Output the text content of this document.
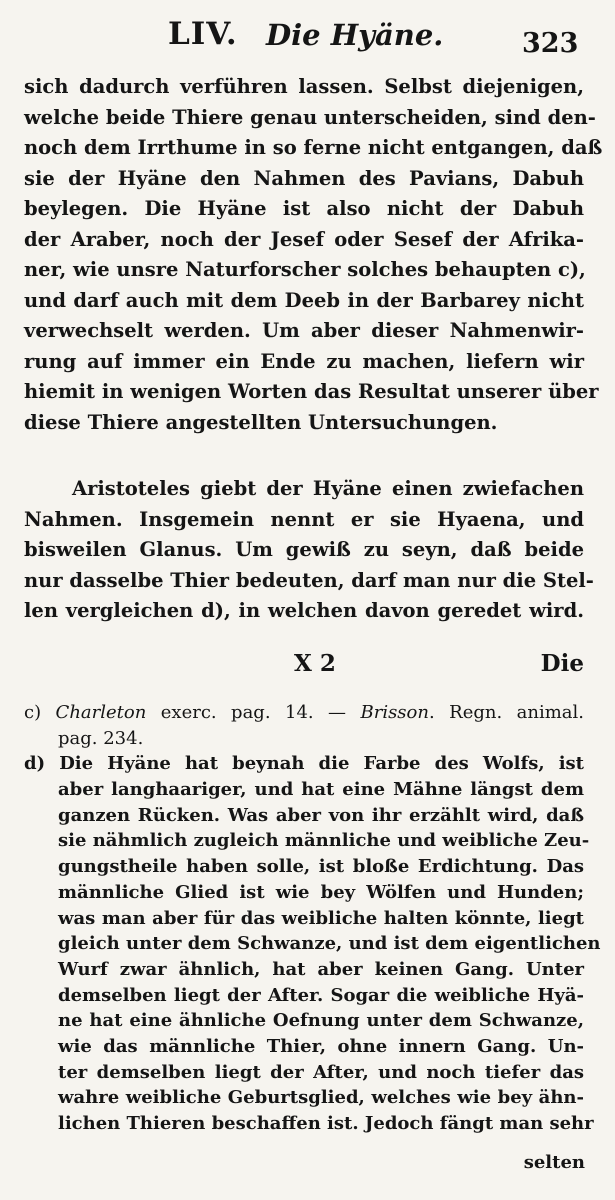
LIV. Die Hyäne.	323
sich dadurch verführen lassen. Selbst diejenigen,
welche beide Thiere genau unterscheiden, sind den-
noch dem Irrthume in so ferne nicht entgangen, daß
sie der Hyäne den Nahmen des Pavians, Dabuh
beylegen. Die Hyäne ist also nicht der Dabuh
der Araber, noch der Jesef oder Sesef der Afrika-
ner, wie unsre Naturforscher solches behaupten c),
und darf auch mit dem Deeb in der Barbarey nicht
verwechselt werden. Um aber dieser Nahmenwir-
rung auf immer ein Ende zu machen, liefern wir
hiemit in wenigen Worten das Resultat unserer über
diese Thiere angestellten Untersuchungen.
Aristoteles giebt der Hyäne einen zwiefachen
Nahmen. Insgemein nennt er sie Hyaena, und
bisweilen Glanus. Um gewiß zu seyn, daß beide
nur dasselbe Thier bedeuten, darf man nur die Stel-
len vergleichen d), in welchen davon geredet wird.
X 2	Die
c) Charleton exerc. pag. 14. — Brisson. Regn. animal.
pag. 234.
d) Die Hyäne hat beynah die Farbe des Wolfs, ist
aber langhaariger, und hat eine Mähne längst dem
ganzen Rücken. Was aber von ihr erzählt wird, daß
sie nähmlich zugleich männliche und weibliche Zeu-
gungstheile haben solle, ist bloße Erdichtung. Das
männliche Glied ist wie bey Wölfen und Hunden;
was man aber für das weibliche halten könnte, liegt
gleich unter dem Schwanze, und ist dem eigentlichen
Wurf zwar ähnlich, hat aber keinen Gang. Unter
demselben liegt der After. Sogar die weibliche Hyä-
ne hat eine ähnliche Oefnung unter dem Schwanze,
wie das männliche Thier, ohne innern Gang. Un-
ter demselben liegt der After, und noch tiefer das
wahre weibliche Geburtsglied, welches wie bey ähn-
lichen Thieren beschaffen ist. Jedoch fängt man sehr
selten
